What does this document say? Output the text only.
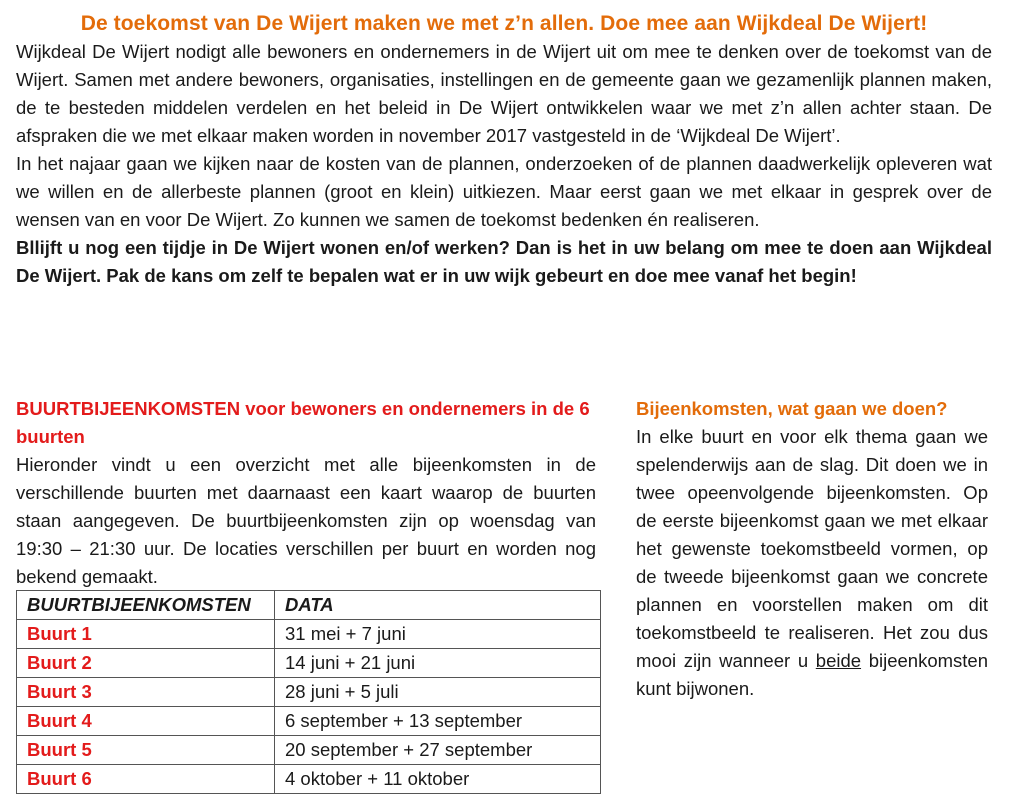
De toekomst van De Wijert maken we met z’n allen. Doe mee aan Wijkdeal De Wijert!

Wijkdeal De Wijert nodigt alle bewoners en ondernemers in de Wijert uit om mee te denken over de toekomst van de Wijert. Samen met andere bewoners, organisaties, instellingen en de gemeente gaan we gezamenlijk plannen maken, de te besteden middelen verdelen en het beleid in De Wijert ontwikkelen waar we met z’n allen achter staan. De afspraken die we met elkaar maken worden in november 2017 vastgesteld in de ‘Wijkdeal De Wijert’.

In het najaar gaan we kijken naar de kosten van de plannen, onderzoeken of de plannen daadwerkelijk opleveren wat we willen en de allerbeste plannen (groot en klein) uitkiezen. Maar eerst gaan we met elkaar in gesprek over de wensen van en voor De Wijert. Zo kunnen we samen de toekomst bedenken én realiseren.

Bllijft u nog een tijdje in De Wijert wonen en/of werken? Dan is het in uw belang om mee te doen aan Wijkdeal De Wijert. Pak de kans om zelf te bepalen wat er in uw wijk gebeurt en doe mee vanaf het begin!

BUURTBIJEENKOMSTEN voor bewoners en ondernemers in de 6 buurten

Hieronder vindt u een overzicht met alle bijeenkomsten in de verschillende buurten met daarnaast een kaart waarop de buurten staan aangegeven. De buurtbijeenkomsten zijn op woensdag van 19:30 – 21:30 uur. De locaties verschillen per buurt en worden nog bekend gemaakt.

Bijeenkomsten, wat gaan we doen?

In elke buurt en voor elk thema gaan we spelenderwijs aan de slag. Dit doen we in twee opeenvolgende bijeenkomsten. Op de eerste bijeenkomst gaan we met elkaar het gewenste toekomstbeeld vormen, op de tweede bijeenkomst gaan we concrete plannen en voorstellen maken om dit toekomstbeeld te realiseren. Het zou dus mooi zijn wanneer u beide bijeenkomsten kunt bijwonen.

BUURTBIJEENKOMSTEN	DATA
Buurt 1	31 mei + 7 juni
Buurt 2	14 juni + 21 juni
Buurt 3	28 juni + 5 juli
Buurt 4	6 september + 13 september
Buurt 5	20 september + 27 september
Buurt 6	4 oktober + 11 oktober
